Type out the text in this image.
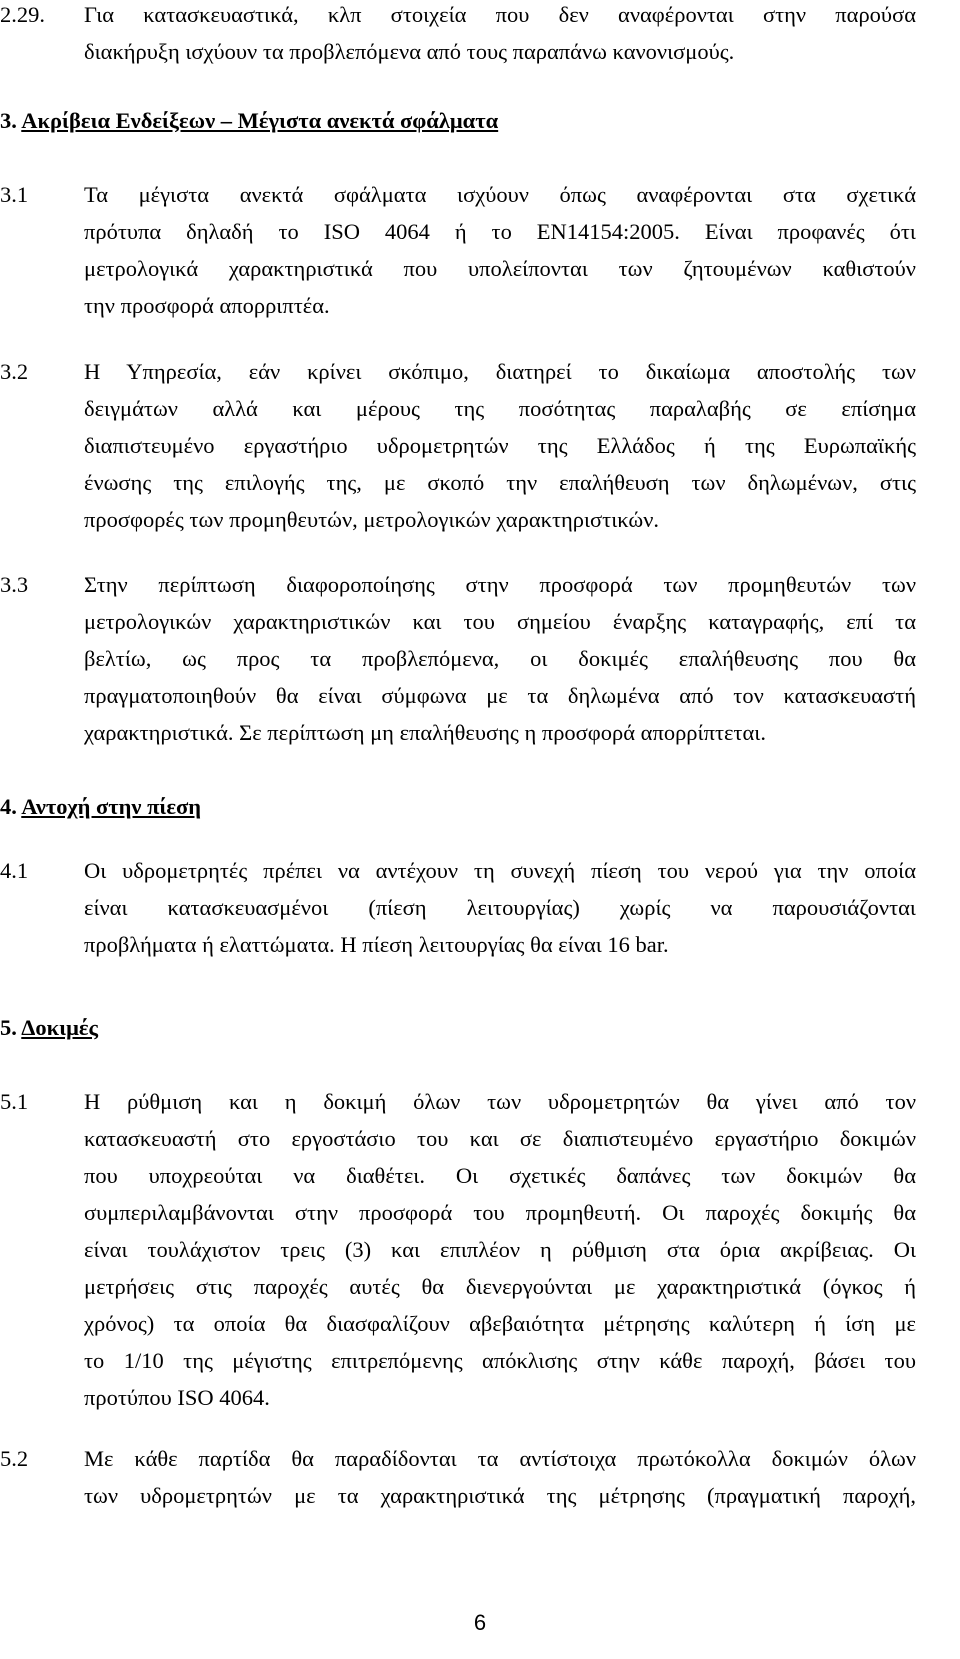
2.29.	Για κατασκευαστικά, κλπ στοιχεία που δεν αναφέρονται στην παρούσα
διακήρυξη ισχύουν τα προβλεπόμενα από τους παραπάνω κανονισμούς.
3. Ακρίβεια Ενδείξεων – Μέγιστα ανεκτά σφάλματα
3.1	Τα μέγιστα ανεκτά σφάλματα ισχύουν όπως αναφέρονται στα σχετικά
πρότυπα δηλαδή το ISO 4064 ή το EN14154:2005. Είναι προφανές ότι
μετρολογικά χαρακτηριστικά που υπολείπονται των ζητουμένων καθιστούν
την προσφορά απορριπτέα.
3.2	Η Υπηρεσία, εάν κρίνει σκόπιμο, διατηρεί το δικαίωμα αποστολής των
δειγμάτων αλλά και μέρους της ποσότητας παραλαβής σε επίσημα
διαπιστευμένο εργαστήριο υδρομετρητών της Ελλάδος ή της Ευρωπαϊκής
ένωσης της επιλογής της, με σκοπό την επαλήθευση των δηλωμένων, στις
προσφορές των προμηθευτών, μετρολογικών χαρακτηριστικών.
3.3	Στην περίπτωση διαφοροποίησης στην προσφορά των προμηθευτών των
μετρολογικών χαρακτηριστικών και του σημείου έναρξης καταγραφής, επί τα
βελτίω, ως προς τα προβλεπόμενα, οι δοκιμές επαλήθευσης που θα
πραγματοποιηθούν θα είναι σύμφωνα με τα δηλωμένα από τον κατασκευαστή
χαρακτηριστικά. Σε περίπτωση μη επαλήθευσης η προσφορά απορρίπτεται.
4. Αντοχή στην πίεση
4.1	Οι υδρομετρητές πρέπει να αντέχουν τη συνεχή πίεση του νερού για την οποία
είναι κατασκευασμένοι (πίεση λειτουργίας) χωρίς να παρουσιάζονται
προβλήματα ή ελαττώματα. Η πίεση λειτουργίας θα είναι 16 bar.
5. Δοκιμές
5.1	Η ρύθμιση και η δοκιμή όλων των υδρομετρητών θα γίνει από τον
κατασκευαστή στο εργοστάσιο του και σε διαπιστευμένο εργαστήριο δοκιμών
που υποχρεούται να διαθέτει. Οι σχετικές δαπάνες των δοκιμών θα
συμπεριλαμβάνονται στην προσφορά του προμηθευτή. Οι παροχές δοκιμής θα
είναι τουλάχιστον τρεις (3) και επιπλέον η ρύθμιση στα όρια ακρίβειας. Οι
μετρήσεις στις παροχές αυτές θα διενεργούνται με χαρακτηριστικά (όγκος ή
χρόνος) τα οποία θα διασφαλίζουν αβεβαιότητα μέτρησης καλύτερη ή ίση με
το 1/10 της μέγιστης επιτρεπόμενης απόκλισης στην κάθε παροχή, βάσει του
προτύπου ISO 4064.
5.2	Με κάθε παρτίδα θα παραδίδονται τα αντίστοιχα πρωτόκολλα δοκιμών όλων
των υδρομετρητών με τα χαρακτηριστικά της μέτρησης (πραγματική παροχή,
6
